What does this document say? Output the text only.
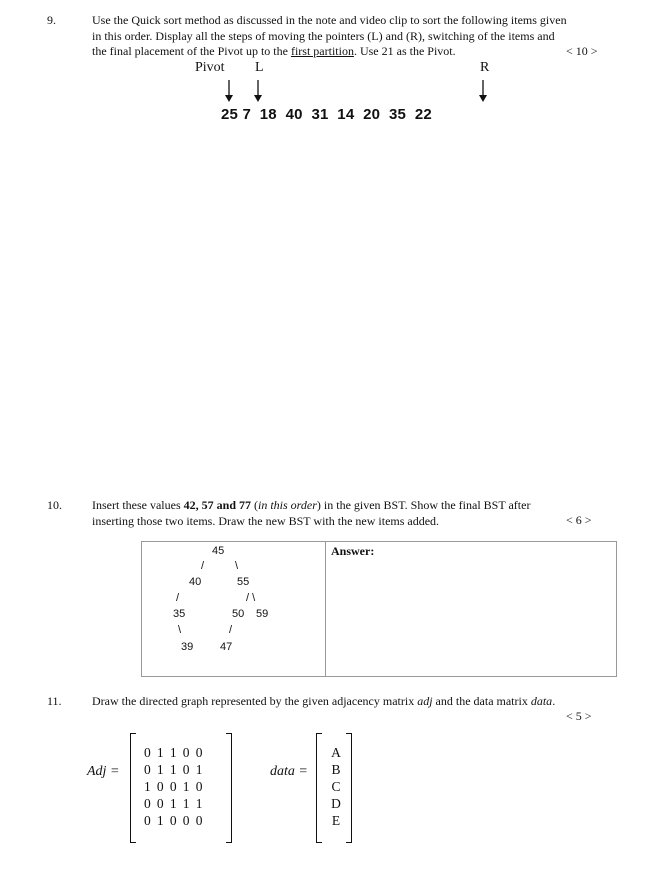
9.	Use the Quick sort method as discussed in the note and video clip to sort the following items given
in this order. Display all the steps of moving the pointers (L) and (R), switching of the items and
the final placement of the Pivot up to the first partition. Use 21 as the Pivot.	< 10 >
Pivot L	R
25 7 18 40 31 14 20 35 22
10.	Insert these values 42, 57 and 77 (in this order) in the given BST. Show the final BST after
inserting those two items. Draw the new BST with the new items added.	< 6 >
Answer:
45
/	\
40	55
/	/ \
35	50 59
\	/
39 47
11.	Draw the directed graph represented by the given adjacency matrix adj and the data matrix data.
< 5 >
Adj =
0 1 1 0 0
0 1 1 0 1
1 0 0 1 0
0 0 1 1 1
0 1 0 0 0
data =
A
B
C
D
E
